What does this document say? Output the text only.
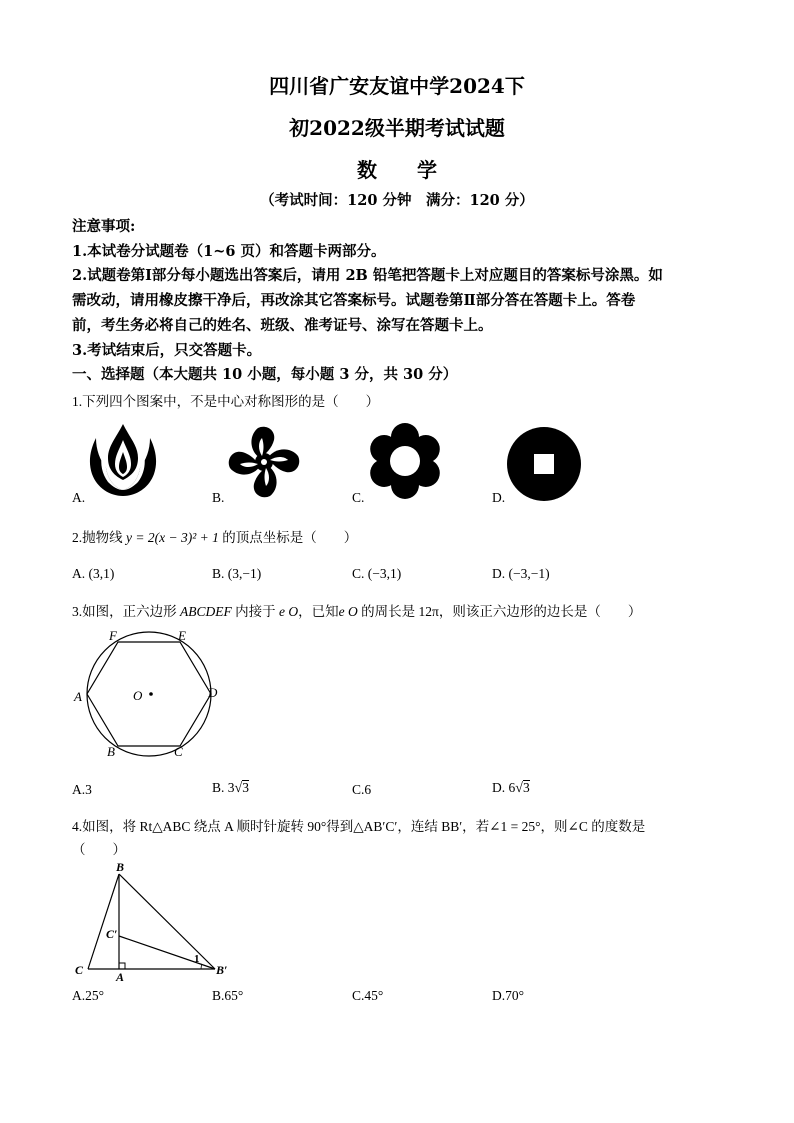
四川省广安友谊中学2024下
初2022级半期考试试题
数　　学
（考试时间：120 分钟　满分：120 分）
注意事项:
1.本试卷分试题卷（1~6 页）和答题卡两部分。
2.试题卷第Ⅰ部分每小题选出答案后，请用 2B 铅笔把答题卡上对应题目的答案标号涂黑。如
需改动，请用橡皮擦干净后，再改涂其它答案标号。试题卷第Ⅱ部分答在答题卡上。答卷
前，考生务必将自己的姓名、班级、准考证号、涂写在答题卡上。
3.考试结束后，只交答题卡。
一、选择题（本大题共 10 小题，每小题 3 分，共 30 分）
1.下列四个图案中，不是中心对称图形的是（　　）
A.	B.	C.	D.
2.抛物线 y = 2(x − 3)² + 1 的顶点坐标是（　　）
A. (3,1)	B. (3,−1)	C. (−3,1)	D. (−3,−1)
3.如图，正六边形 ABCDEF 内接于 e O，已知e O 的周长是 12π，则该正六边形的边长是（　　）
F	E
A	D
B	C
O
A.3	B. 3√3	C.6	D. 6√3
4.如图，将 Rt△ABC 绕点 A 顺时针旋转 90°得到△AB′C′，连结 BB′，若∠1 = 25°，则∠C 的度数是
（　　）
B
C′
C	A	B′
1
A.25°	B.65°	C.45°	D.70°
